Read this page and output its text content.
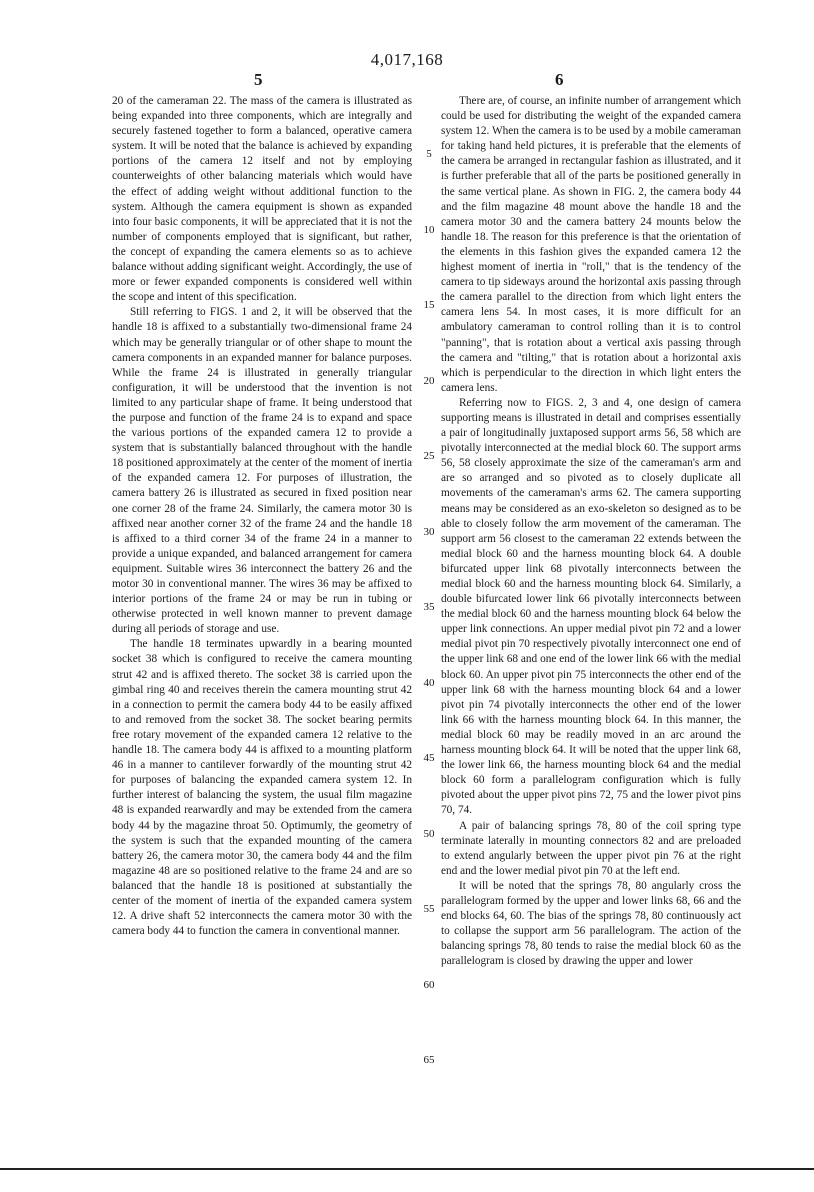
4,017,168
5	6

20 of the cameraman 22. The mass of the camera is illustrated as being expanded into three components, which are integrally and securely fastened together to form a balanced, operative camera system. It will be noted that the balance is achieved by expanding portions of the camera 12 itself and not by employing counterweights of other balancing materials which would have the effect of adding weight without additional function to the system. Although the camera equipment is shown as expanded into four basic components, it will be appreciated that it is not the number of components employed that is significant, but rather, the concept of expanding the camera elements so as to achieve balance without adding significant weight. Accordingly, the use of more or fewer expanded components is considered well within the scope and intent of this specification.

Still referring to FIGS. 1 and 2, it will be observed that the handle 18 is affixed to a substantially two-dimensional frame 24 which may be generally triangular or of other shape to mount the camera components in an expanded manner for balance purposes. While the frame 24 is illustrated in generally triangular configuration, it will be understood that the invention is not limited to any particular shape of frame. It being understood that the purpose and function of the frame 24 is to expand and space the various portions of the expanded camera 12 to provide a system that is substantially balanced throughout with the handle 18 positioned approximately at the center of the moment of inertia of the expanded camera 12. For purposes of illustration, the camera battery 26 is illustrated as secured in fixed position near one corner 28 of the frame 24. Similarly, the camera motor 30 is affixed near another corner 32 of the frame 24 and the handle 18 is affixed to a third corner 34 of the frame 24 in a manner to provide a unique expanded, and balanced arrangement for camera equipment. Suitable wires 36 interconnect the battery 26 and the motor 30 in conventional manner. The wires 36 may be affixed to interior portions of the frame 24 or may be run in tubing or otherwise protected in well known manner to prevent damage during all periods of storage and use.

The handle 18 terminates upwardly in a bearing mounted socket 38 which is configured to receive the camera mounting strut 42 and is affixed thereto. The socket 38 is carried upon the gimbal ring 40 and receives therein the camera mounting strut 42 in a connection to permit the camera body 44 to be easily affixed to and removed from the socket 38. The socket bearing permits free rotary movement of the expanded camera 12 relative to the handle 18. The camera body 44 is affixed to a mounting platform 46 in a manner to cantilever forwardly of the mounting strut 42 for purposes of balancing the expanded camera system 12. In further interest of balancing the system, the usual film magazine 48 is expanded rearwardly and may be extended from the camera body 44 by the magazine throat 50. Optimumly, the geometry of the system is such that the expanded mounting of the camera battery 26, the camera motor 30, the camera body 44 and the film magazine 48 are so positioned relative to the frame 24 and are so balanced that the handle 18 is positioned at substantially the center of the moment of inertia of the expanded camera system 12. A drive shaft 52 interconnects the camera motor 30 with the camera body 44 to function the camera in conventional manner.

5
10
15
20
25
30
35
40
45
50
55
60
65

There are, of course, an infinite number of arrangement which could be used for distributing the weight of the expanded camera system 12. When the camera is to be used by a mobile cameraman for taking hand held pictures, it is preferable that the elements of the camera be arranged in rectangular fashion as illustrated, and it is further preferable that all of the parts be positioned generally in the same vertical plane. As shown in FIG. 2, the camera body 44 and the film magazine 48 mount above the handle 18 and the camera motor 30 and the camera battery 24 mounts below the handle 18. The reason for this preference is that the orientation of the elements in this fashion gives the expanded camera 12 the highest moment of inertia in "roll," that is the tendency of the camera to tip sideways around the horizontal axis passing through the camera parallel to the direction from which light enters the camera lens 54. In most cases, it is more difficult for an ambulatory cameraman to control rolling than it is to control "panning", that is rotation about a vertical axis passing through the camera and "tilting," that is rotation about a horizontal axis which is perpendicular to the direction in which light enters the camera lens.

Referring now to FIGS. 2, 3 and 4, one design of camera supporting means is illustrated in detail and comprises essentially a pair of longitudinally juxtaposed support arms 56, 58 which are pivotally interconnected at the medial block 60. The support arms 56, 58 closely approximate the size of the cameraman's arm and are so arranged and so pivoted as to closely duplicate all movements of the cameraman's arms 62. The camera supporting means may be considered as an exo-skeleton so designed as to be able to closely follow the arm movement of the cameraman. The support arm 56 closest to the cameraman 22 extends between the medial block 60 and the harness mounting block 64. A double bifurcated upper link 68 pivotally interconnects between the medial block 60 and the harness mounting block 64. Similarly, a double bifurcated lower link 66 pivotally interconnects between the medial block 60 and the harness mounting block 64 below the upper link connections. An upper medial pivot pin 72 and a lower medial pivot pin 70 respectively pivotally interconnect one end of the upper link 68 and one end of the lower link 66 with the medial block 60. An upper pivot pin 75 interconnects the other end of the upper link 68 with the harness mounting block 64 and a lower pivot pin 74 pivotally interconnects the other end of the lower link 66 with the harness mounting block 64. In this manner, the medial block 60 may be readily moved in an arc around the harness mounting block 64. It will be noted that the upper link 68, the lower link 66, the harness mounting block 64 and the medial block 60 form a parallelogram configuration which is fully pivoted about the upper pivot pins 72, 75 and the lower pivot pins 70, 74.

A pair of balancing springs 78, 80 of the coil spring type terminate laterally in mounting connectors 82 and are preloaded to extend angularly between the upper pivot pin 76 at the right end and the lower medial pivot pin 70 at the left end.

It will be noted that the springs 78, 80 angularly cross the parallelogram formed by the upper and lower links 68, 66 and the end blocks 64, 60. The bias of the springs 78, 80 continuously act to collapse the support arm 56 parallelogram. The action of the balancing springs 78, 80 tends to raise the medial block 60 as the parallelogram is closed by drawing the upper and lower
